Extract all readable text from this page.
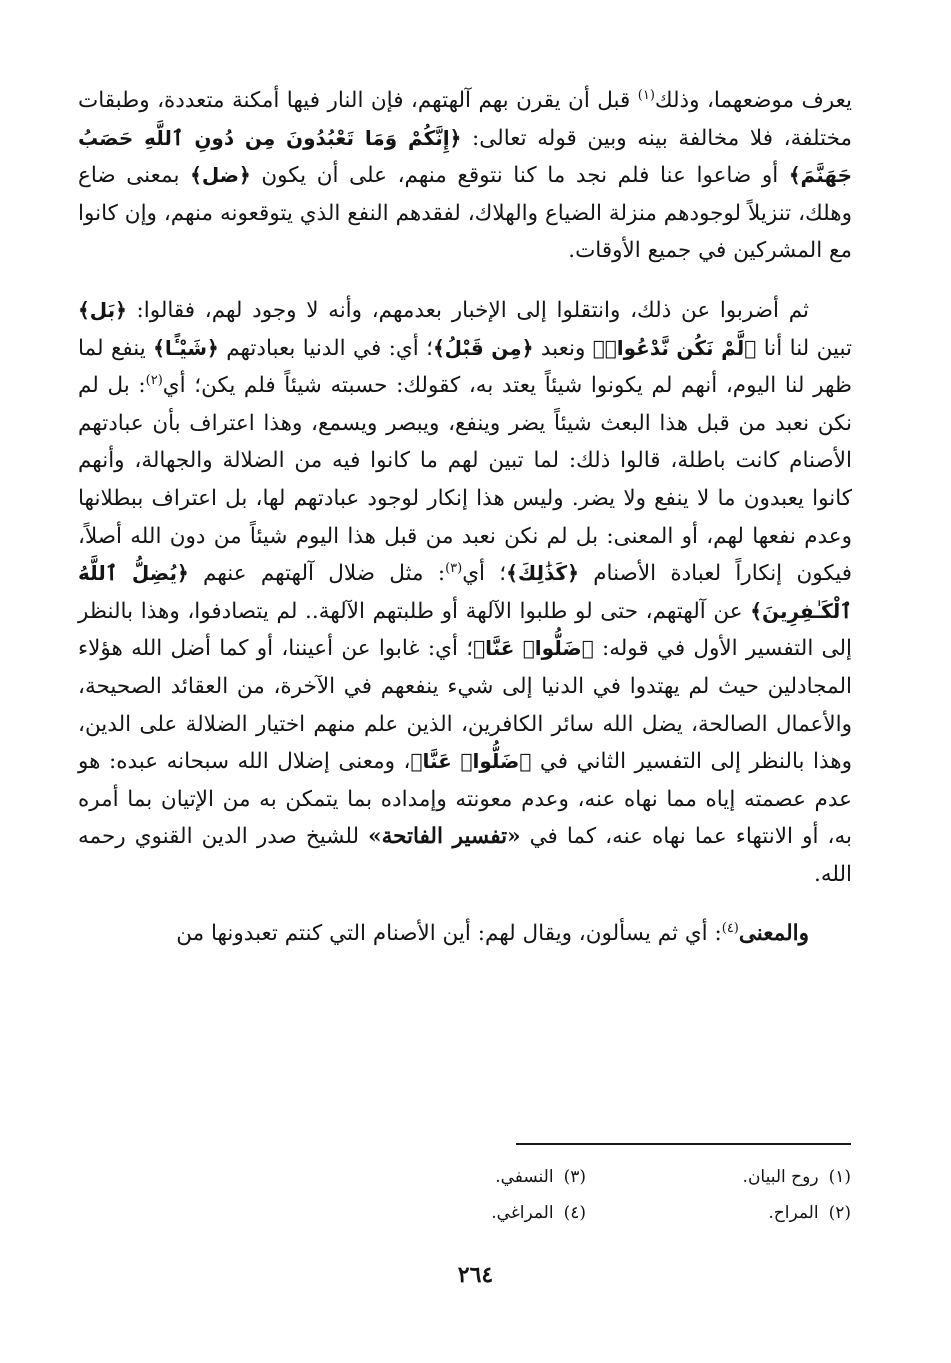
يعرف موضعهما، وذلك$^{(١)}$ قبل أن يقرن بهم آلهتهم، فإن النار فيها أمكنة متعددة، وطبقات مختلفة، فلا مخالفة بينه وبين قوله تعالى: ﴿إِنَّكُمْ وَمَا تَعْبُدُونَ مِن دُونِ ٱللَّهِ حَصَبُ جَهَنَّمَ﴾ أو ضاعوا عنا فلم نجد ما كنا نتوقع منهم، على أن يكون ﴿ضل﴾ بمعنى ضاع وهلك، تنزيلاً لوجودهم منزلة الضياع والهلاك، لفقدهم النفع الذي يتوقعونه منهم، وإن كانوا مع المشركين في جميع الأوقات.

  ثم أضربوا عن ذلك، وانتقلوا إلى الإخبار بعدمهم، وأنه لا وجود لهم، فقالوا: ﴿بَل﴾ تبين لنا أنا ﴿لَّمْ نَكُن نَّدْعُوا۟﴾ ونعبد ﴿مِن قَبْلُ﴾؛ أي: في الدنيا بعبادتهم ﴿شَيْـًٔا﴾ ينفع لما ظهر لنا اليوم، أنهم لم يكونوا شيئاً يعتد به، كقولك: حسبته شيئاً فلم يكن؛ أي$^{(٢)}$: بل لم نكن نعبد من قبل هذا البعث شيئاً يضر وينفع، ويبصر ويسمع، وهذا اعتراف بأن عبادتهم الأصنام كانت باطلة، قالوا ذلك: لما تبين لهم ما كانوا فيه من الضلالة والجهالة، وأنهم كانوا يعبدون ما لا ينفع ولا يضر. وليس هذا إنكار لوجود عبادتهم لها، بل اعتراف ببطلانها وعدم نفعها لهم، أو المعنى: بل لم نكن نعبد من قبل هذا اليوم شيئاً من دون الله أصلاً، فيكون إنكاراً لعبادة الأصنام ﴿كَذَٰلِكَ﴾؛ أي$^{(٣)}$: مثل ضلال آلهتهم عنهم ﴿يُضِلُّ ٱللَّهُ ٱلْكَـٰفِرِينَ﴾ عن آلهتهم، حتى لو طلبوا الآلهة أو طلبتهم الآلهة.. لم يتصادفوا، وهذا بالنظر إلى التفسير الأول في قوله: ﴿ضَلُّوا۟ عَنَّا﴾؛ أي: غابوا عن أعيننا، أو كما أضل الله هؤلاء المجادلين حيث لم يهتدوا في الدنيا إلى شيء ينفعهم في الآخرة، من العقائد الصحيحة، والأعمال الصالحة، يضل الله سائر الكافرين، الذين علم منهم اختيار الضلالة على الدين، وهذا بالنظر إلى التفسير الثاني في ﴿ضَلُّوا۟ عَنَّا﴾، ومعنى إضلال الله سبحانه عبده: هو عدم عصمته إياه مما نهاه عنه، وعدم معونته وإمداده بما يتمكن به من الإتيان بما أمره به، أو الانتهاء عما نهاه عنه، كما في «تفسير الفاتحة» للشيخ صدر الدين القنوي رحمه الله.

  والمعنى$^{(٤)}$: أي ثم يسألون، ويقال لهم: أين الأصنام التي كنتم تعبدونها من

(١)روح البيان.
(٣)النسفي.
(٢)المراح.
(٤)المراغي.
٢٦٤
